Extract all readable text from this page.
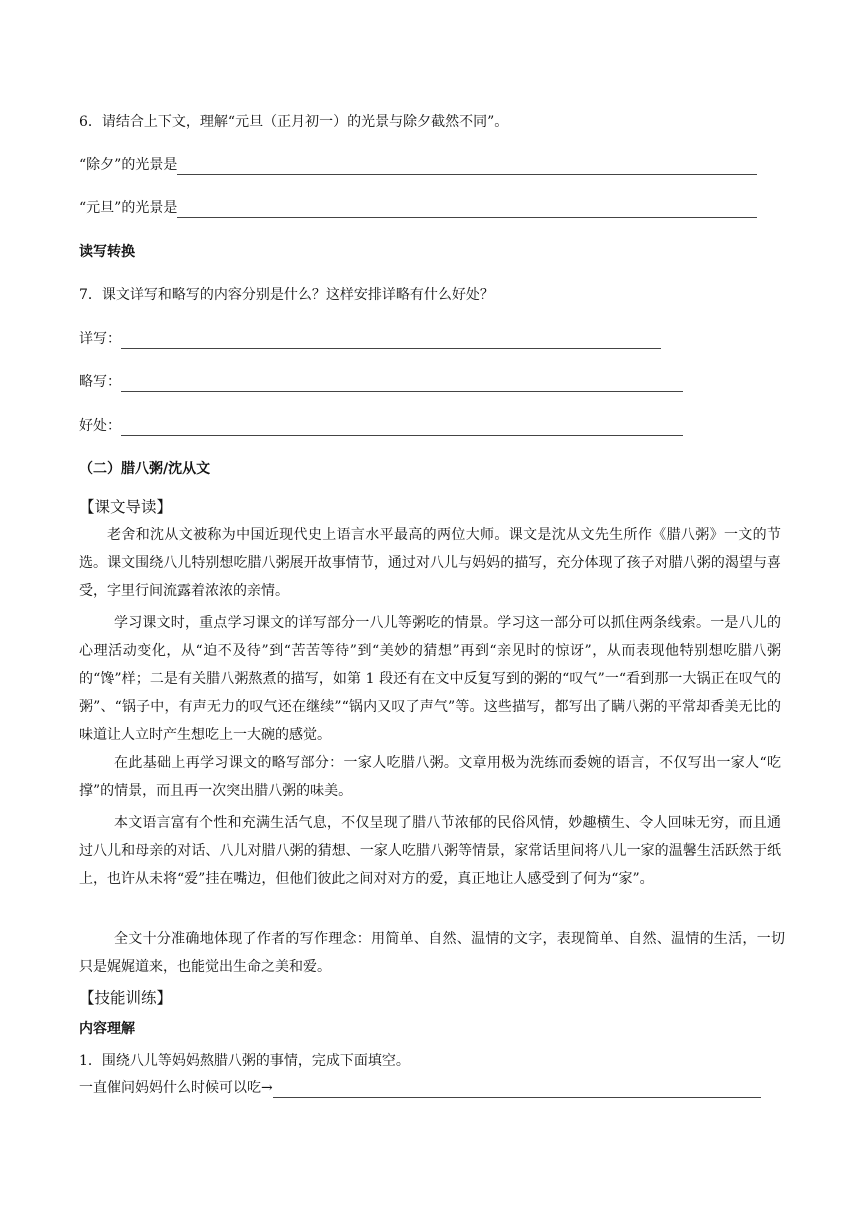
6．请结合上下文，理解“元旦（正月初一）的光景与除夕截然不同”。
“除夕”的光景是
“元旦”的光景是
读写转换
7．课文详写和略写的内容分别是什么？这样安排详略有什么好处？
详写：
略写：
好处：
（二）腊八粥/沈从文
【课文导读】

老舍和沈从文被称为中国近现代史上语言水平最高的两位大师。课文是沈从文先生所作《腊八粥》一文的节选。课文围绕八儿特别想吃腊八粥展开故事情节，通过对八儿与妈妈的描写，充分体现了孩子对腊八粥的渴望与喜受，字里行间流露着浓浓的亲情。

学习课文时，重点学习课文的详写部分一八儿等粥吃的情景。学习这一部分可以抓住两条线索。一是八儿的心理活动变化，从“迫不及待”到“苦苦等待”到“美妙的猜想”再到“亲见时的惊讶”，从而表现他特别想吃腊八粥的“馋”样；二是有关腊八粥熬煮的描写，如第 1 段还有在文中反复写到的粥的“叹气”一“看到那一大锅正在叹气的粥”、“锅子中，有声无力的叹气还在继续”“锅内又叹了声气”等。这些描写，都写出了瞒八粥的平常却香美无比的味道让人立时产生想吃上一大碗的感觉。

在此基础上再学习课文的略写部分：一家人吃腊八粥。文章用极为洗练而委婉的语言，不仅写出一家人“吃撑”的情景，而且再一次突出腊八粥的味美。

本文语言富有个性和充满生活气息，不仅呈现了腊八节浓郁的民俗风情，妙趣横生、令人回味无穷，而且通过八儿和母亲的对话、八儿对腊八粥的猜想、一家人吃腊八粥等情景，家常话里间将八儿一家的温馨生活跃然于纸上，也许从未将“爱”挂在嘴边，但他们彼此之间对对方的爱，真正地让人感受到了何为“家”。

全文十分准确地体现了作者的写作理念：用简单、自然、温情的文字，表现简单、自然、温情的生活，一切只是娓娓道来，也能觉出生命之美和爱。

【技能训练】
内容理解
1．围绕八儿等妈妈熬腊八粥的事情，完成下面填空。
一直催问妈妈什么时候可以吃→
